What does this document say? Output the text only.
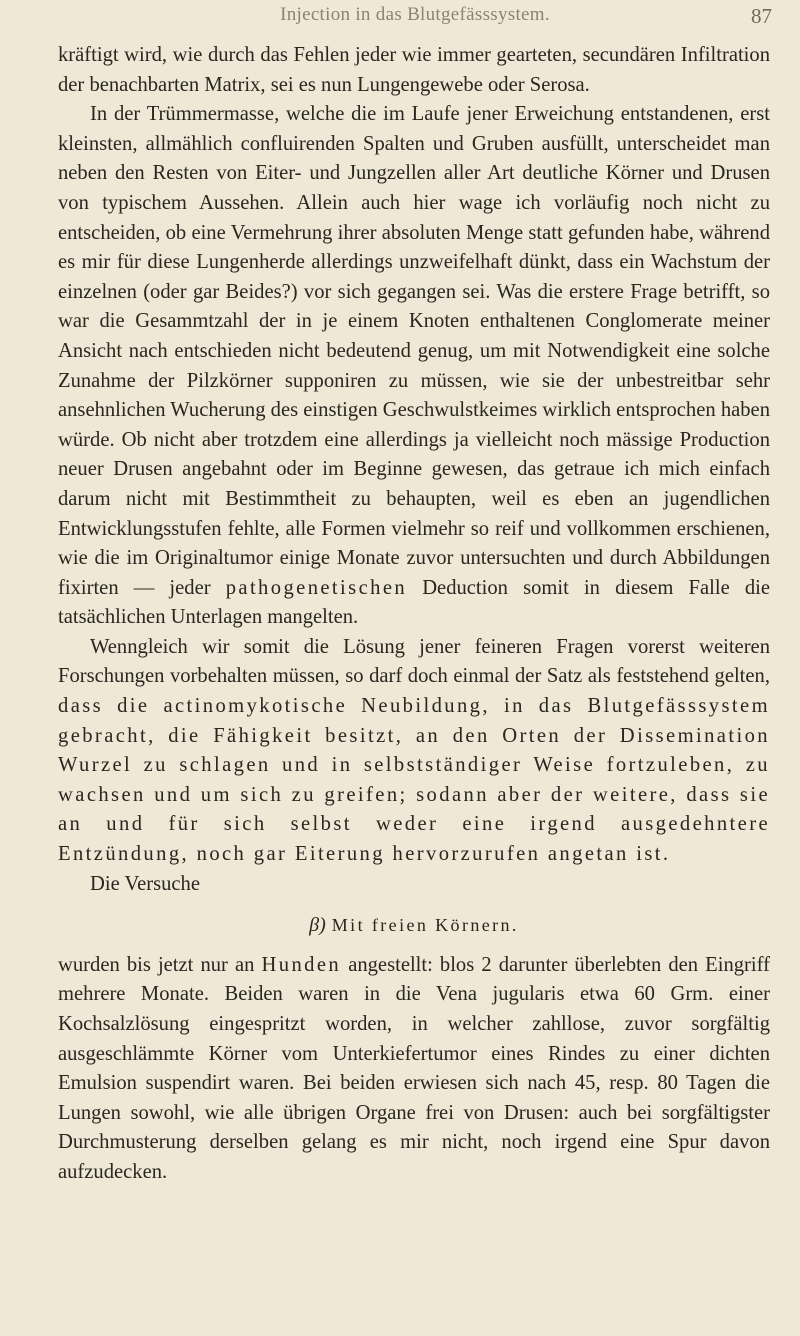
Injection in das Blutgefässsystem.	87

kräftigt wird, wie durch das Fehlen jeder wie immer gearteten, secundären Infiltration der benachbarten Matrix, sei es nun Lungengewebe oder Serosa.

In der Trümmermasse, welche die im Laufe jener Erweichung entstandenen, erst kleinsten, allmählich confluirenden Spalten und Gruben ausfüllt, unterscheidet man neben den Resten von Eiter- und Jungzellen aller Art deutliche Körner und Drusen von typischem Aussehen. Allein auch hier wage ich vorläufig noch nicht zu entscheiden, ob eine Vermehrung ihrer absoluten Menge statt gefunden habe, während es mir für diese Lungenherde allerdings unzweifelhaft dünkt, dass ein Wachstum der einzelnen (oder gar Beides?) vor sich gegangen sei. Was die erstere Frage betrifft, so war die Gesammtzahl der in je einem Knoten enthaltenen Conglomerate meiner Ansicht nach entschieden nicht bedeutend genug, um mit Notwendigkeit eine solche Zunahme der Pilzkörner supponiren zu müssen, wie sie der unbestreitbar sehr ansehnlichen Wucherung des einstigen Geschwulstkeimes wirklich entsprochen haben würde. Ob nicht aber trotzdem eine allerdings ja vielleicht noch mässige Production neuer Drusen angebahnt oder im Beginne gewesen, das getraue ich mich einfach darum nicht mit Bestimmtheit zu behaupten, weil es eben an jugendlichen Entwicklungsstufen fehlte, alle Formen vielmehr so reif und vollkommen erschienen, wie die im Originaltumor einige Monate zuvor untersuchten und durch Abbildungen fixirten — jeder pathogenetischen Deduction somit in diesem Falle die tatsächlichen Unterlagen mangelten.

Wenngleich wir somit die Lösung jener feineren Fragen vorerst weiteren Forschungen vorbehalten müssen, so darf doch einmal der Satz als feststehend gelten, dass die actinomykotische Neubildung, in das Blutgefässsystem gebracht, die Fähigkeit besitzt, an den Orten der Dissemination Wurzel zu schlagen und in selbstständiger Weise fortzuleben, zu wachsen und um sich zu greifen; sodann aber der weitere, dass sie an und für sich selbst weder eine irgend ausgedehntere Entzündung, noch gar Eiterung hervorzurufen angetan ist.

Die Versuche

β) Mit freien Körnern.

wurden bis jetzt nur an Hunden angestellt: blos 2 darunter überlebten den Eingriff mehrere Monate. Beiden waren in die Vena jugularis etwa 60 Grm. einer Kochsalzlösung eingespritzt worden, in welcher zahllose, zuvor sorgfältig ausgeschlämmte Körner vom Unterkiefertumor eines Rindes zu einer dichten Emulsion suspendirt waren. Bei beiden erwiesen sich nach 45, resp. 80 Tagen die Lungen sowohl, wie alle übrigen Organe frei von Drusen: auch bei sorgfältigster Durchmusterung derselben gelang es mir nicht, noch irgend eine Spur davon aufzudecken.
